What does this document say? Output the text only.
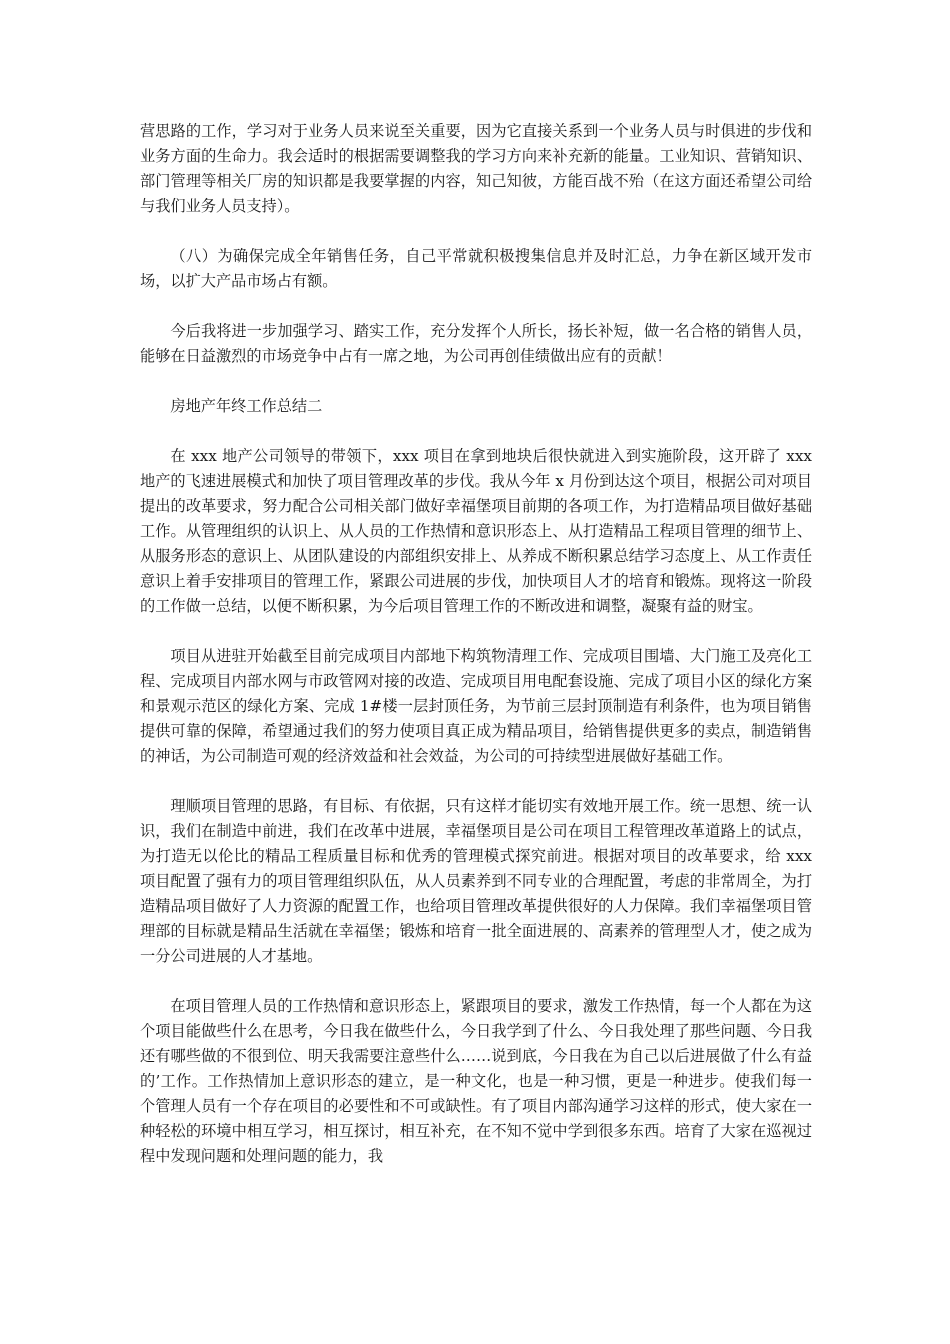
营思路的工作，学习对于业务人员来说至关重要，因为它直接关系到一个业务人员与时俱进的步伐和业务方面的生命力。我会适时的根据需要调整我的学习方向来补充新的能量。工业知识、营销知识、部门管理等相关厂房的知识都是我要掌握的内容，知己知彼，方能百战不殆（在这方面还希望公司给与我们业务人员支持）。

（八）为确保完成全年销售任务，自己平常就积极搜集信息并及时汇总，力争在新区域开发市场，以扩大产品市场占有额。

今后我将进一步加强学习、踏实工作，充分发挥个人所长，扬长补短，做一名合格的销售人员，能够在日益激烈的市场竞争中占有一席之地，为公司再创佳绩做出应有的贡献！

房地产年终工作总结二

在 xxx 地产公司领导的带领下，xxx 项目在拿到地块后很快就进入到实施阶段，这开辟了 xxx 地产的飞速进展模式和加快了项目管理改革的步伐。我从今年 x 月份到达这个项目，根据公司对项目提出的改革要求，努力配合公司相关部门做好幸福堡项目前期的各项工作，为打造精品项目做好基础工作。从管理组织的认识上、从人员的工作热情和意识形态上、从打造精品工程项目管理的细节上、从服务形态的意识上、从团队建设的内部组织安排上、从养成不断积累总结学习态度上、从工作责任意识上着手安排项目的管理工作，紧跟公司进展的步伐，加快项目人才的培育和锻炼。现将这一阶段的工作做一总结，以便不断积累，为今后项目管理工作的不断改进和调整，凝聚有益的财宝。

项目从进驻开始截至目前完成项目内部地下构筑物清理工作、完成项目围墙、大门施工及亮化工程、完成项目内部水网与市政管网对接的改造、完成项目用电配套设施、完成了项目小区的绿化方案和景观示范区的绿化方案、完成 1#楼一层封顶任务，为节前三层封顶制造有利条件，也为项目销售提供可靠的保障，希望通过我们的努力使项目真正成为精品项目，给销售提供更多的卖点，制造销售的神话，为公司制造可观的经济效益和社会效益，为公司的可持续型进展做好基础工作。

理顺项目管理的思路，有目标、有依据，只有这样才能切实有效地开展工作。统一思想、统一认识，我们在制造中前进，我们在改革中进展，幸福堡项目是公司在项目工程管理改革道路上的试点，为打造无以伦比的精品工程质量目标和优秀的管理模式探究前进。根据对项目的改革要求，给 xxx 项目配置了强有力的项目管理组织队伍，从人员素养到不同专业的合理配置，考虑的非常周全，为打造精品项目做好了人力资源的配置工作，也给项目管理改革提供很好的人力保障。我们幸福堡项目管理部的目标就是精品生活就在幸福堡；锻炼和培育一批全面进展的、高素养的管理型人才，使之成为一分公司进展的人才基地。

在项目管理人员的工作热情和意识形态上，紧跟项目的要求，激发工作热情，每一个人都在为这个项目能做些什么在思考，今日我在做些什么，今日我学到了什么、今日我处理了那些问题、今日我还有哪些做的不很到位、明天我需要注意些什么……说到底，今日我在为自己以后进展做了什么有益的’工作。工作热情加上意识形态的建立，是一种文化，也是一种习惯，更是一种进步。使我们每一个管理人员有一个存在项目的必要性和不可或缺性。有了项目内部沟通学习这样的形式，使大家在一种轻松的环境中相互学习，相互探讨，相互补充，在不知不觉中学到很多东西。培育了大家在巡视过程中发现问题和处理问题的能力，我
